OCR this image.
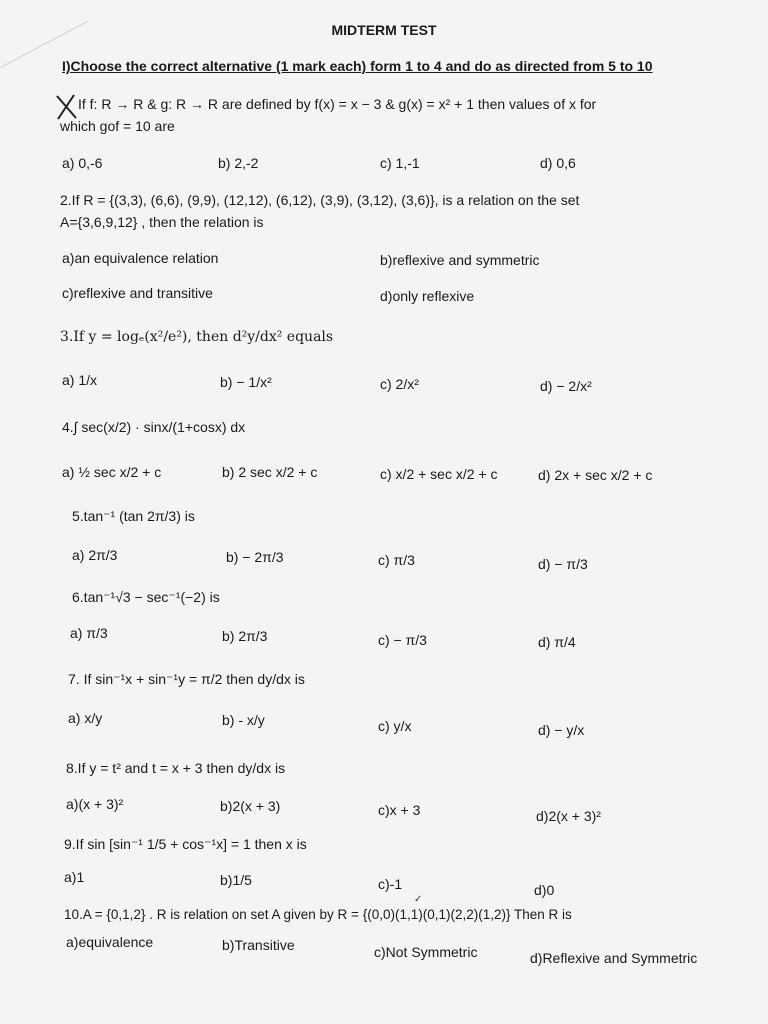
MIDTERM TEST
I)Choose the correct alternative (1 mark each) form 1 to 4 and do as directed from 5 to 10
If f: R → R & g: R → R are defined by f(x) = x − 3 & g(x) = x² + 1 then values of x for
which gof = 10 are
a) 0,-6	b) 2,-2	c) 1,-1	d) 0,6
2.If R = {(3,3), (6,6), (9,9), (12,12), (6,12), (3,9), (3,12), (3,6)}, is a relation on the set
A={3,6,9,12} , then the relation is
a)an equivalence relation	b)reflexive and symmetric
c)reflexive and transitive	d)only reflexive
3.If y = logₑ(x²/e²), then d²y/dx² equals
a) 1/x	b) − 1/x²	c) 2/x²	d) − 2/x²
4.∫ sec(x/2) · sinx/(1+cosx) dx
a) ½ sec x/2 + c	b) 2 sec x/2 + c	c) x/2 + sec x/2 + c	d) 2x + sec x/2 + c
5.tan⁻¹ (tan 2π/3) is
a) 2π/3	b) − 2π/3	c) π/3	d) − π/3
6.tan⁻¹√3 − sec⁻¹(−2) is
a) π/3	b) 2π/3	c) − π/3	d) π/4
7. If sin⁻¹x + sin⁻¹y = π/2 then dy/dx is
a) x/y	b) - x/y	c) y/x	d) − y/x
8.If y = t² and t = x + 3 then dy/dx is
a)(x + 3)²	b)2(x + 3)	c)x + 3	d)2(x + 3)²
9.If sin [sin⁻¹ 1/5 + cos⁻¹x] = 1 then x is
a)1	b)1/5	c)-1	d)0
10.A = {0,1,2} . R is relation on set A given by R = {(0,0)(1,1)(0,1)(2,2)(1,2)} Then R is
✓
a)equivalence	b)Transitive	c)Not Symmetric	d)Reflexive and Symmetric
